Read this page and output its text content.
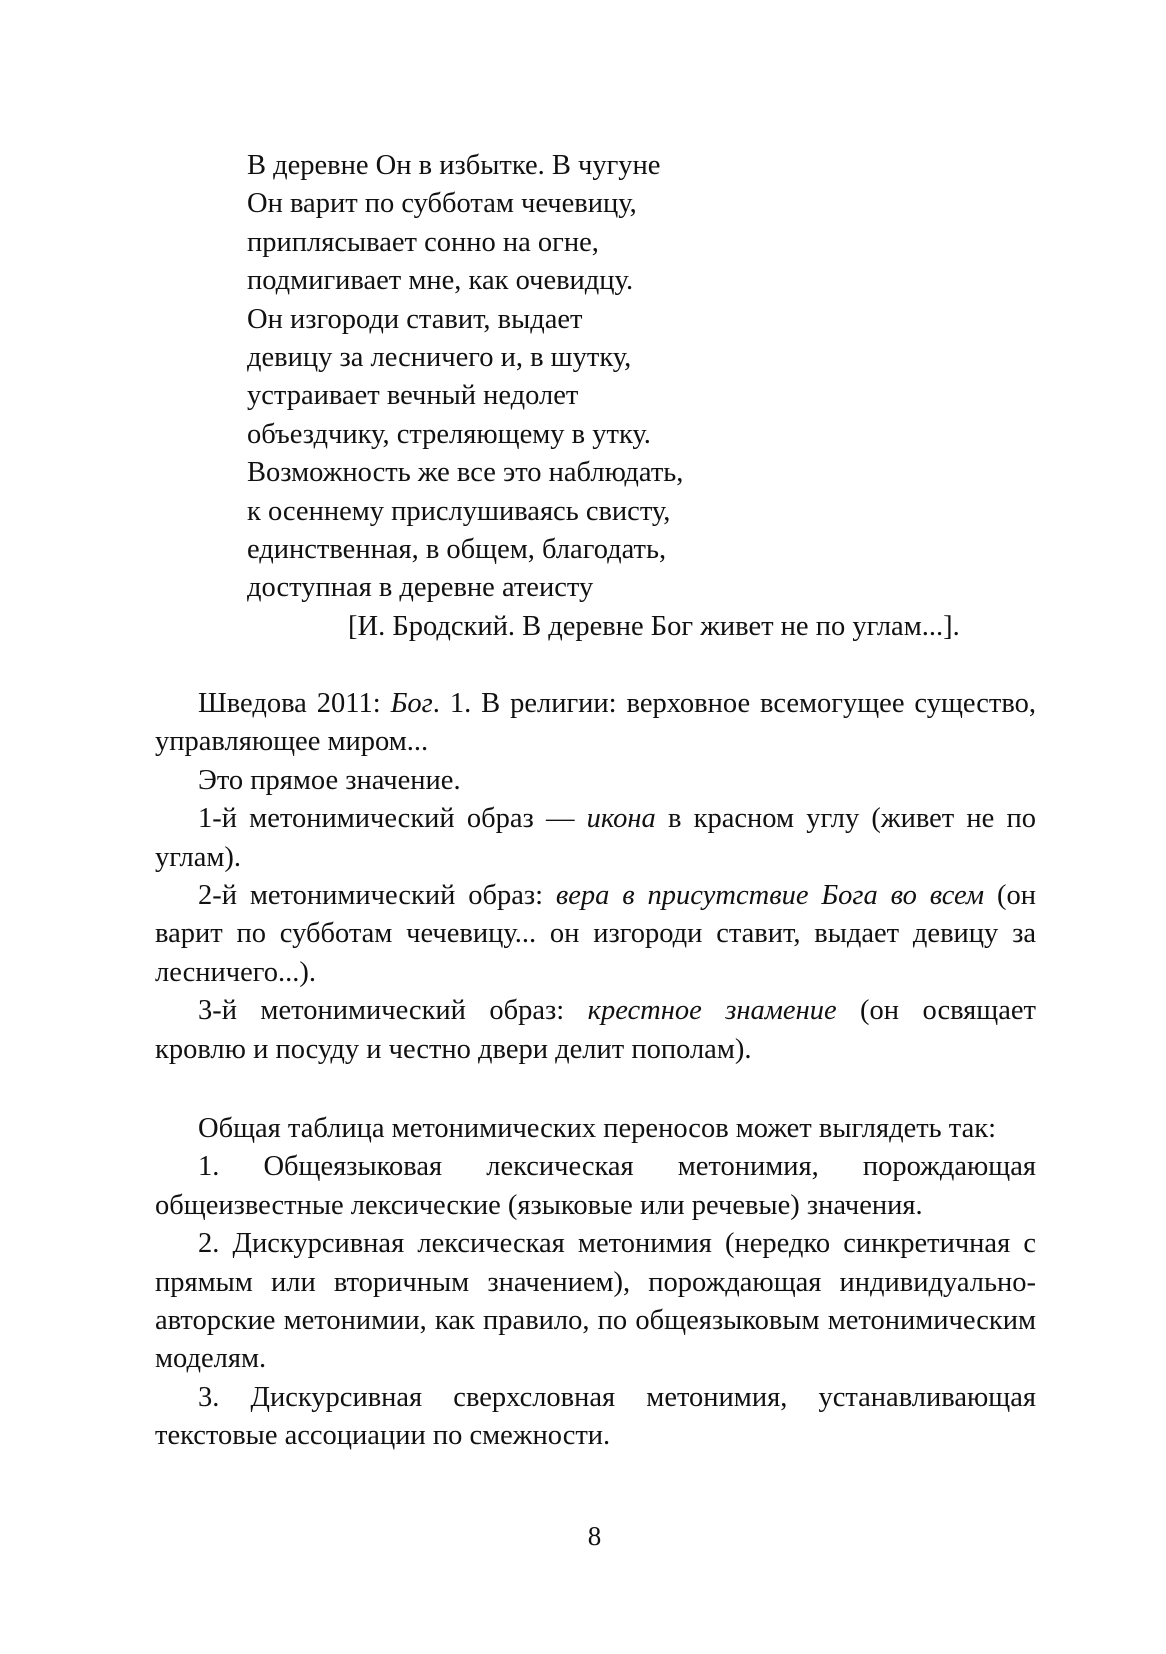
В деревне Он в избытке. В чугуне
Он варит по субботам чечевицу,
приплясывает сонно на огне,
подмигивает мне, как очевидцу.
Он изгороди ставит, выдает
девицу за лесничего и, в шутку,
устраивает вечный недолет
объездчику, стреляющему в утку.
Возможность же все это наблюдать,
к осеннему прислушиваясь свисту,
единственная, в общем, благодать,
доступная в деревне атеисту
[И. Бродский. В деревне Бог живет не по углам...].

Шведова 2011: Бог. 1. В религии: верховное всемогущее существо, управляющее миром...

Это прямое значение.

1-й метонимический образ — икона в красном углу (живет не по углам).

2-й метонимический образ: вера в присутствие Бога во всем (он варит по субботам чечевицу... он изгороди ставит, выдает девицу за лесничего...).

3-й метонимический образ: крестное знамение (он освящает кровлю и посуду и честно двери делит пополам).

Общая таблица метонимических переносов может выглядеть так:

1. Общеязыковая лексическая метонимия, порождающая общеизвестные лексические (языковые или речевые) значения.

2. Дискурсивная лексическая метонимия (нередко синкретичная с прямым или вторичным значением), порождающая индивидуально-авторские метонимии, как правило, по общеязыковым метонимическим моделям.

3. Дискурсивная сверхсловная метонимия, устанавливающая текстовые ассоциации по смежности.

8
